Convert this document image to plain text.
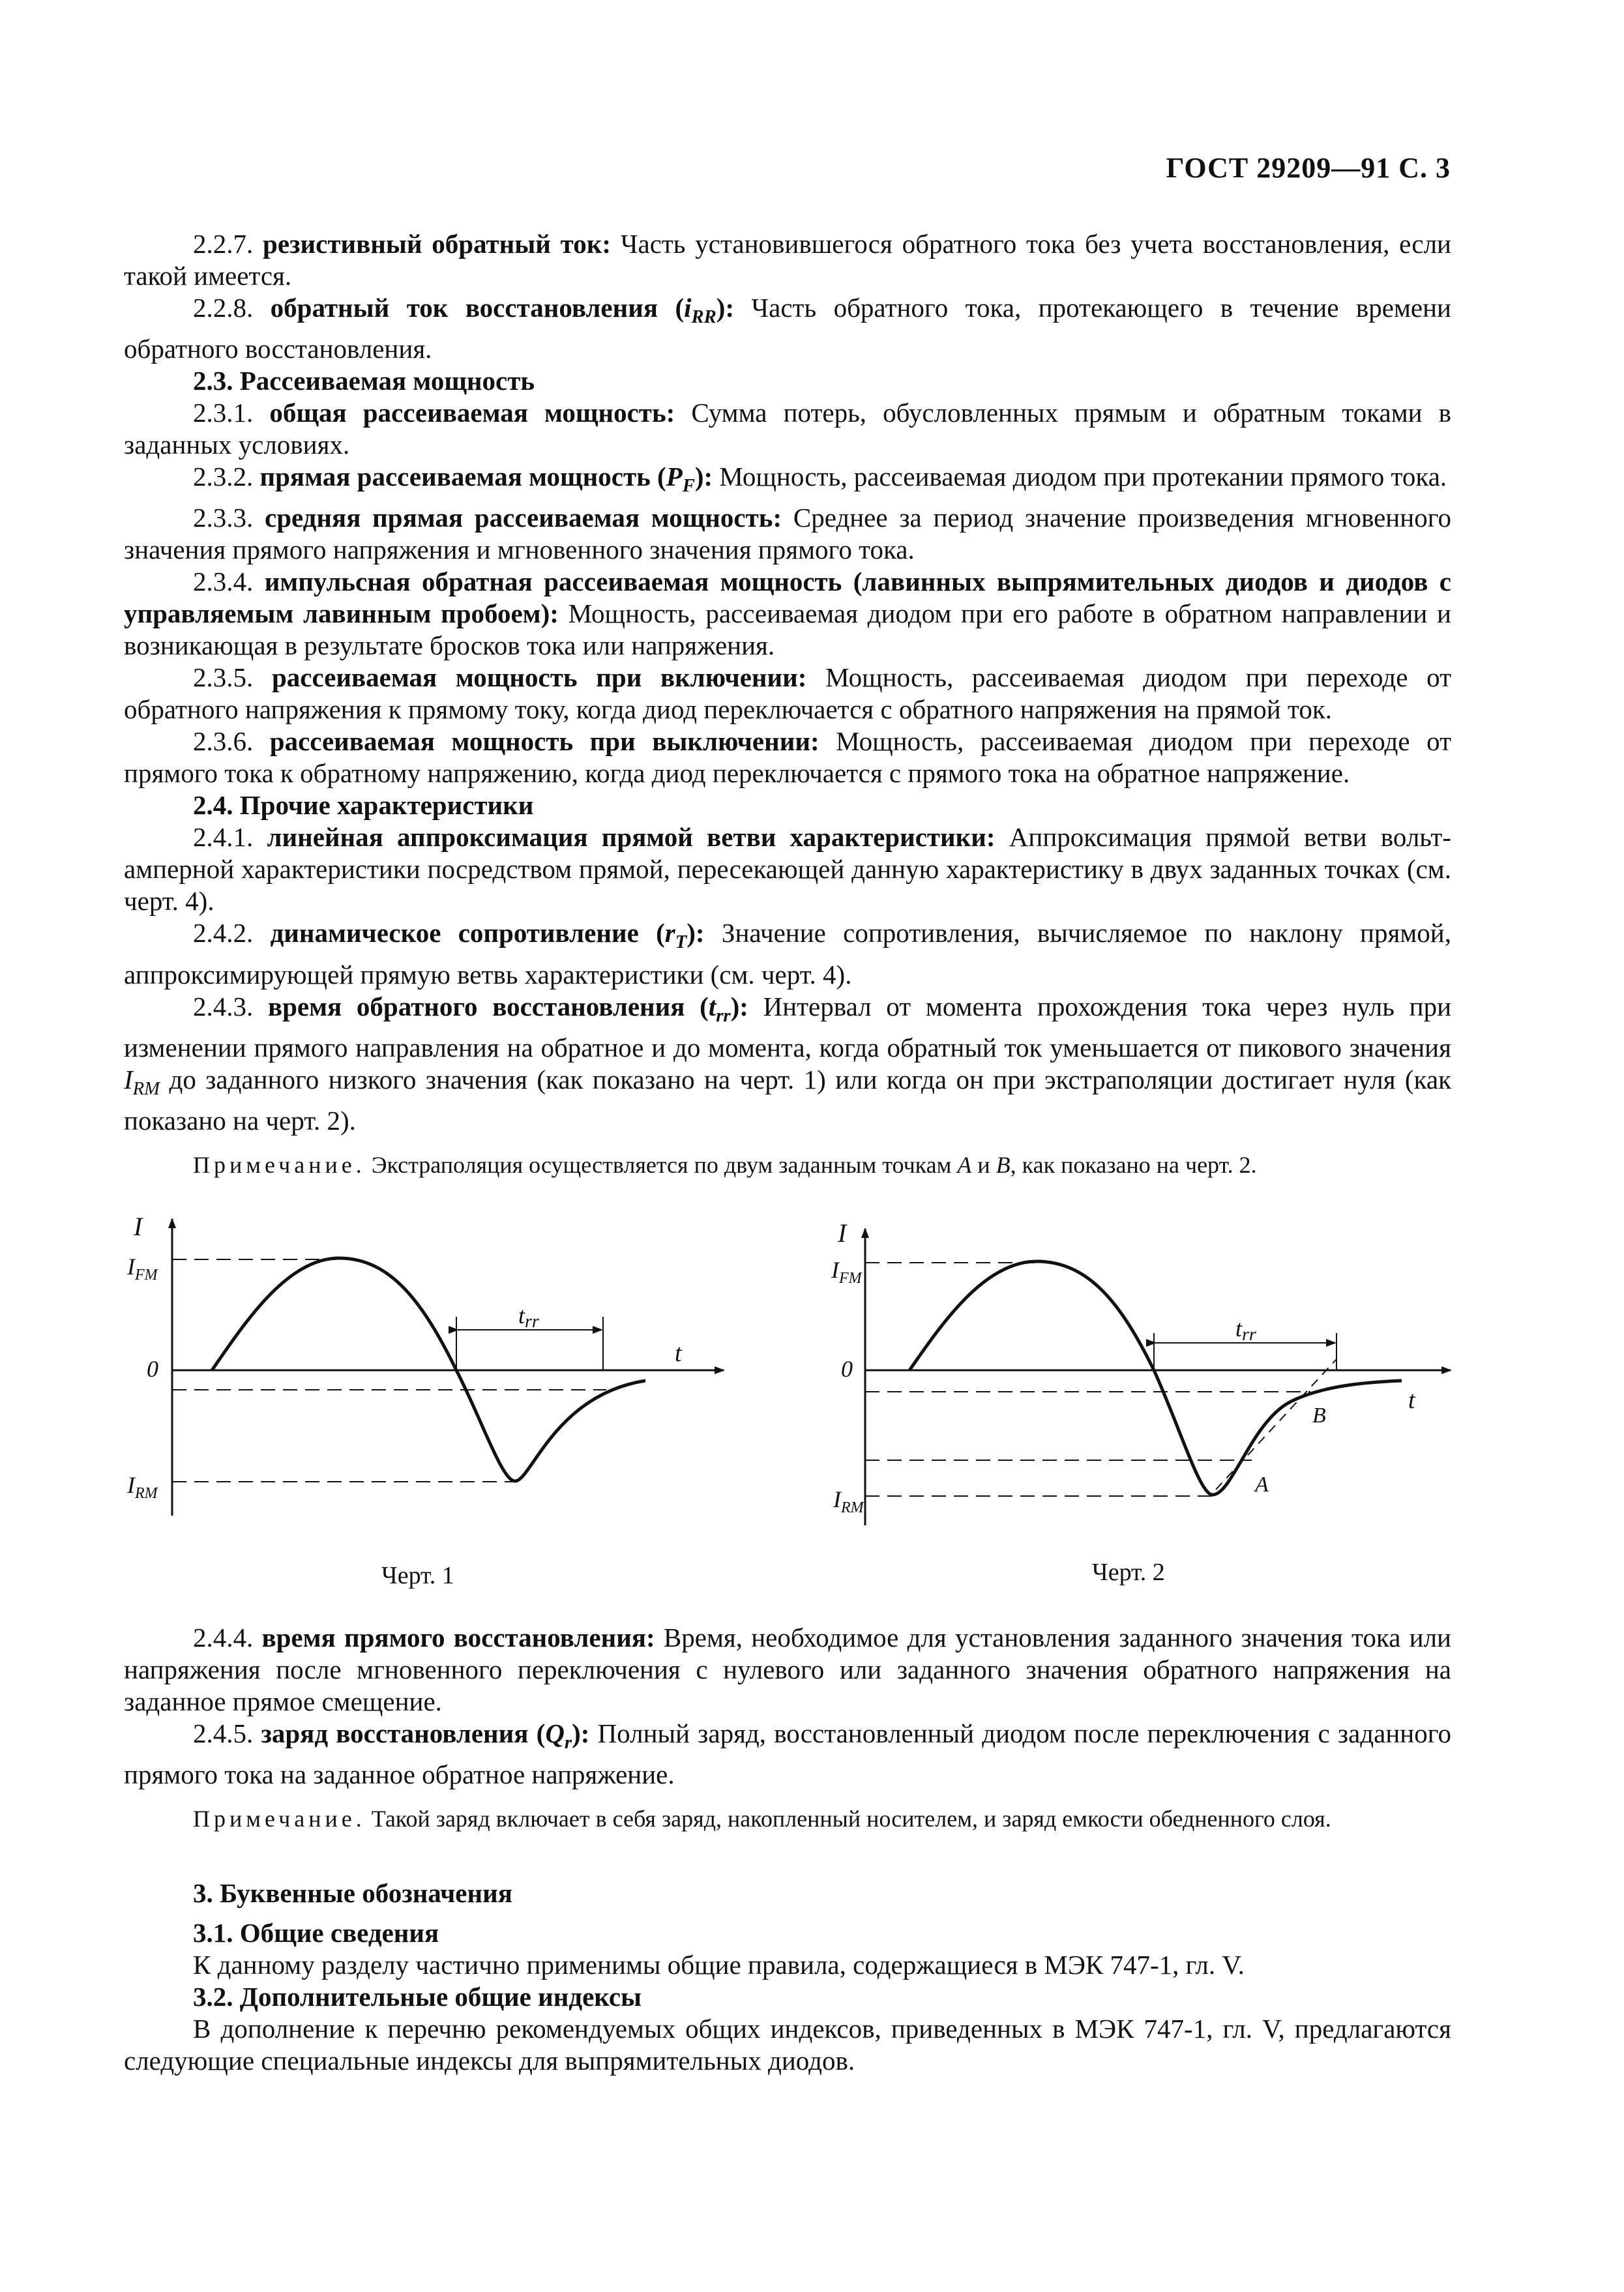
ГОСТ 29209—91 С. 3

2.2.7. резистивный обратный ток: Часть установившегося обратного тока без учета восстановления, если такой имеется.

2.2.8. обратный ток восстановления $(i_{RR})$: Часть обратного тока, протекающего в течение времени обратного восстановления.

2.3. Рассеиваемая мощность

2.3.1. общая рассеиваемая мощность: Сумма потерь, обусловленных прямым и обратным токами в заданных условиях.

2.3.2. прямая рассеиваемая мощность $(P_F)$: Мощность, рассеиваемая диодом при протекании прямого тока.

2.3.3. средняя прямая рассеиваемая мощность: Среднее за период значение произведения мгновенного значения прямого напряжения и мгновенного значения прямого тока.

2.3.4. импульсная обратная рассеиваемая мощность (лавинных выпрямительных диодов и диодов с управляемым лавинным пробоем): Мощность, рассеиваемая диодом при его работе в обратном направлении и возникающая в результате бросков тока или напряжения.

2.3.5. рассеиваемая мощность при включении: Мощность, рассеиваемая диодом при переходе от обратного напряжения к прямому току, когда диод переключается с обратного напряжения на прямой ток.

2.3.6. рассеиваемая мощность при выключении: Мощность, рассеиваемая диодом при переходе от прямого тока к обратному напряжению, когда диод переключается с прямого тока на обратное напряжение.

2.4. Прочие характеристики

2.4.1. линейная аппроксимация прямой ветви характеристики: Аппроксимация прямой ветви вольт-амперной характеристики посредством прямой, пересекающей данную характеристику в двух заданных точках (см. черт. 4).

2.4.2. динамическое сопротивление $(r_T)$: Значение сопротивления, вычисляемое по наклону прямой, аппроксимирующей прямую ветвь характеристики (см. черт. 4).

2.4.3. время обратного восстановления $(t_{rr})$: Интервал от момента прохождения тока через нуль при изменении прямого направления на обратное и до момента, когда обратный ток уменьшается от пикового значения $I_{RM}$ до заданного низкого значения (как показано на черт. 1) или когда он при экстраполяции достигает нуля (как показано на черт. 2).

Примечание. Экстраполяция осуществляется по двум заданным точкам A и B, как показано на черт. 2.

I
$I_{FM}$
0
$I_{RM}$
t
trr
I
$I_{FM}$
0
$I_{RM}$
t
trr
A
B
Черт. 1	Черт. 2

2.4.4. время прямого восстановления: Время, необходимое для установления заданного значения тока или напряжения после мгновенного переключения с нулевого или заданного значения обратного напряжения на заданное прямое смещение.

2.4.5. заряд восстановления $(Q_r)$: Полный заряд, восстановленный диодом после переключения с заданного прямого тока на заданное обратное напряжение.

Примечание. Такой заряд включает в себя заряд, накопленный носителем, и заряд емкости обедненного слоя.

3. Буквенные обозначения

3.1. Общие сведения

К данному разделу частично применимы общие правила, содержащиеся в МЭК 747-1, гл. V.

3.2. Дополнительные общие индексы

В дополнение к перечню рекомендуемых общих индексов, приведенных в МЭК 747-1, гл. V, предлагаются следующие специальные индексы для выпрямительных диодов.
